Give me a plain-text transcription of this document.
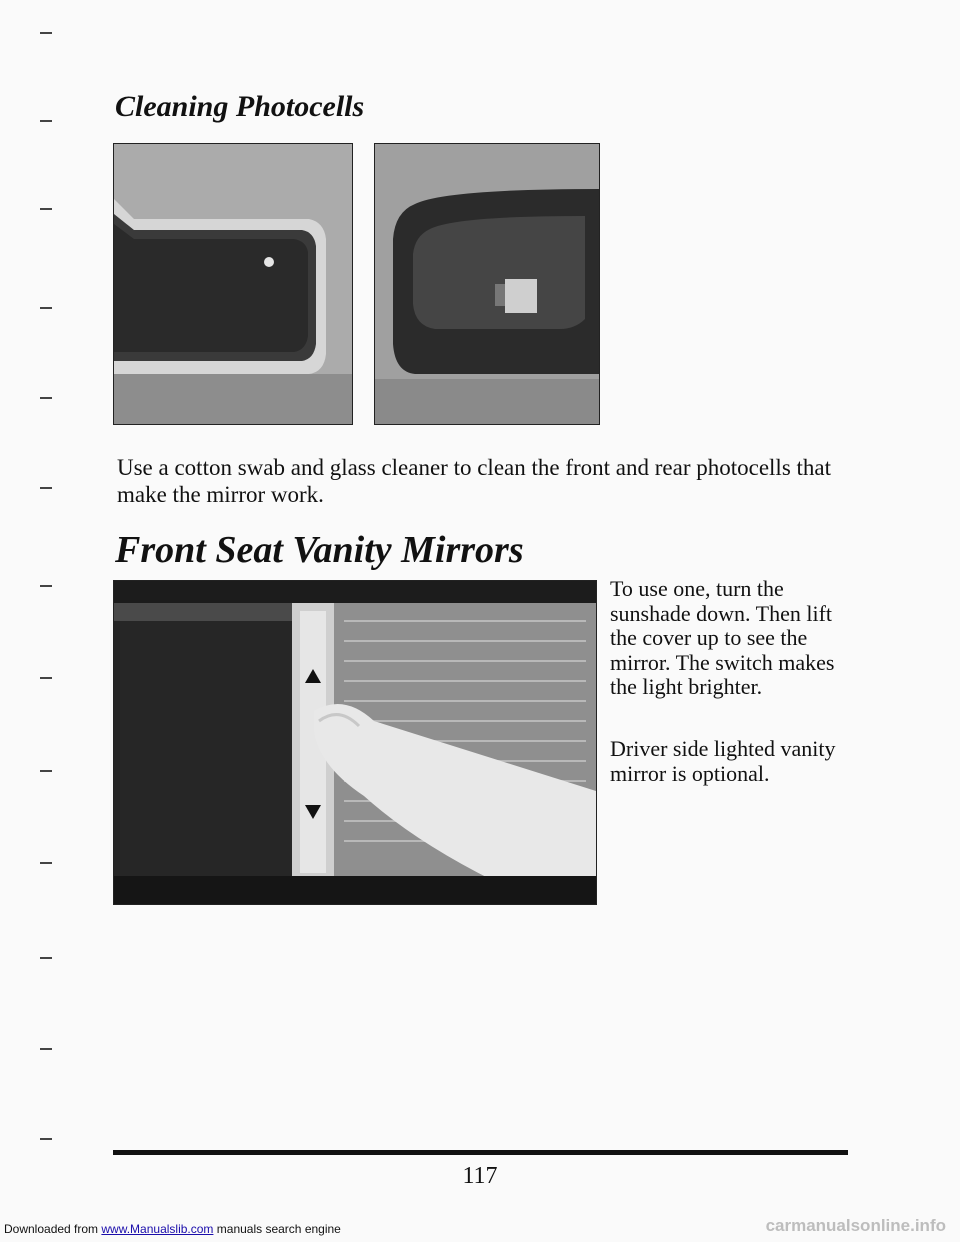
Cleaning Photocells

Use a cotton swab and glass cleaner to clean the front and rear photocells that make the mirror work.

Front Seat Vanity Mirrors

To use one, turn the sunshade down. Then lift the cover up to see the mirror. The switch makes the light brighter.

Driver side lighted vanity mirror is optional.

117
Downloaded from www.Manualslib.com manuals search engine	carmanualsonline.info
